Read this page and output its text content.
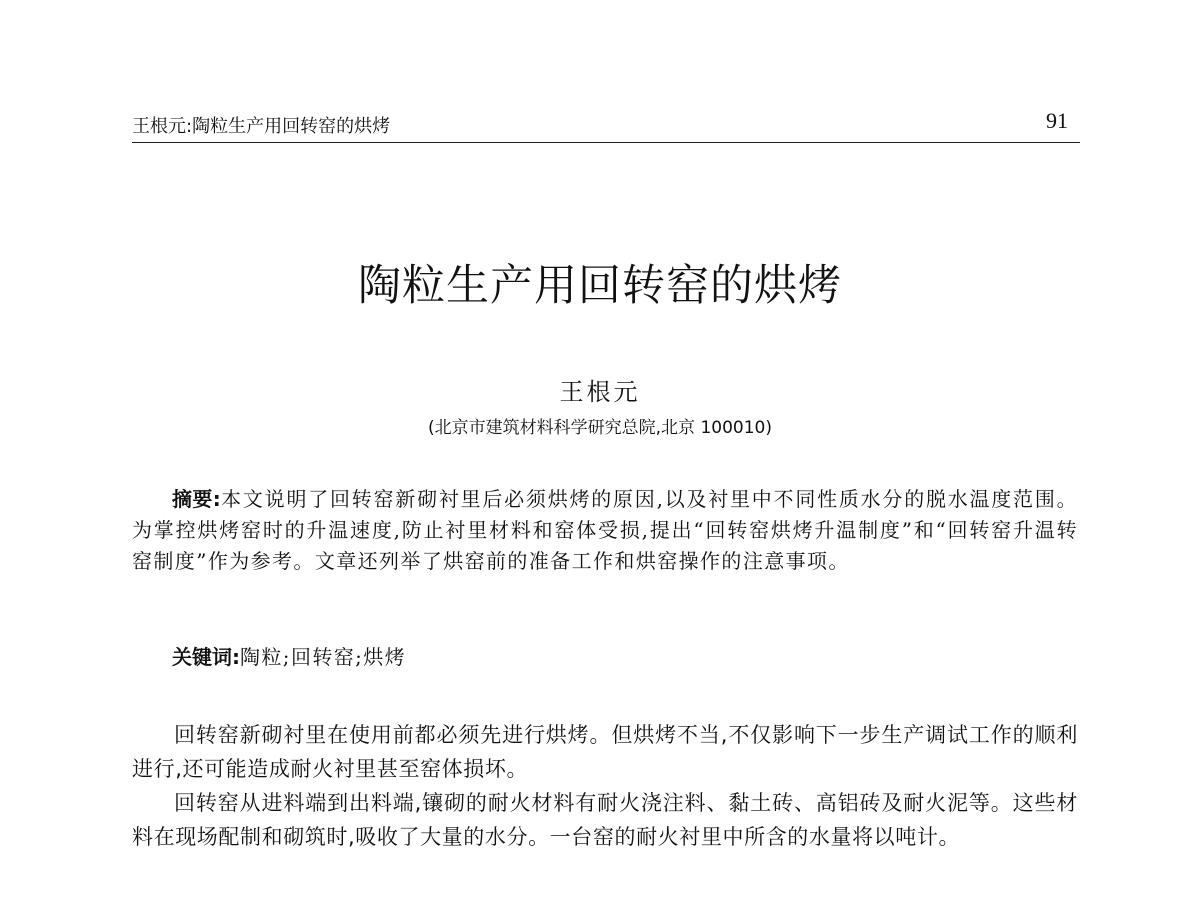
王根元:陶粒生产用回转窑的烘烤	91
陶粒生产用回转窑的烘烤
王根元
(北京市建筑材料科学研究总院,北京 100010)

摘要:本文说明了回转窑新砌衬里后必须烘烤的原因,以及衬里中不同性质水分的脱水温度范围。为掌控烘烤窑时的升温速度,防止衬里材料和窑体受损,提出“回转窑烘烤升温制度”和“回转窑升温转窑制度”作为参考。文章还列举了烘窑前的准备工作和烘窑操作的注意事项。

关键词:陶粒;回转窑;烘烤

回转窑新砌衬里在使用前都必须先进行烘烤。但烘烤不当,不仅影响下一步生产调试工作的顺利进行,还可能造成耐火衬里甚至窑体损坏。

回转窑从进料端到出料端,镶砌的耐火材料有耐火浇注料、黏土砖、高铝砖及耐火泥等。这些材料在现场配制和砌筑时,吸收了大量的水分。一台窑的耐火衬里中所含的水量将以吨计。
